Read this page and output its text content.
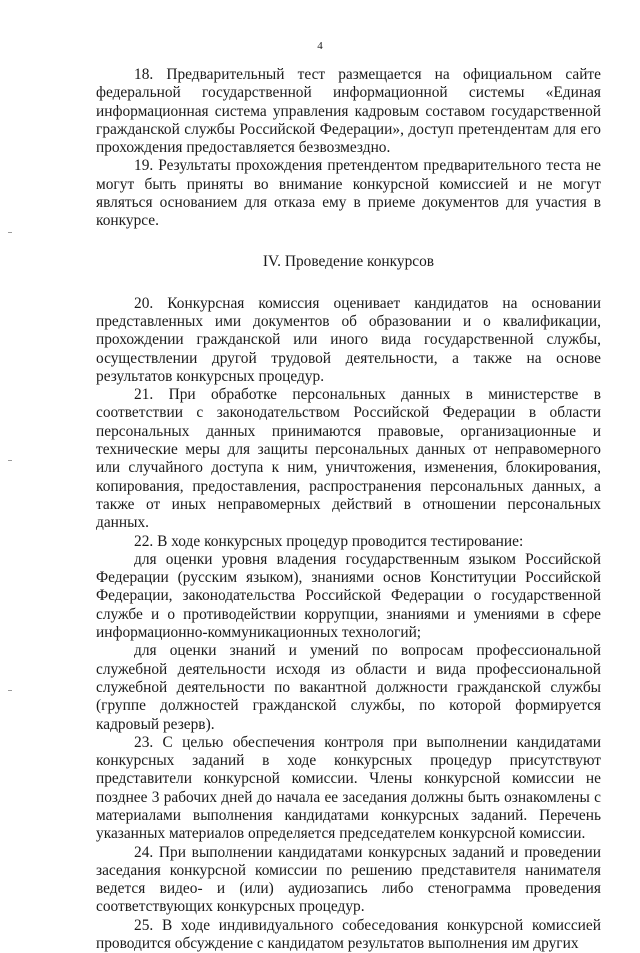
4

18. Предварительный тест размещается на официальном сайте федеральной государственной информационной системы «Единая информационная система управления кадровым составом государственной гражданской службы Российской Федерации», доступ претендентам для его прохождения предоставляется безвозмездно.

19. Результаты прохождения претендентом предварительного теста не могут быть приняты во внимание конкурсной комиссией и не могут являться основанием для отказа ему в приеме документов для участия в конкурсе.

IV. Проведение конкурсов

20. Конкурсная комиссия оценивает кандидатов на основании представленных ими документов об образовании и о квалификации, прохождении гражданской или иного вида государственной службы, осуществлении другой трудовой деятельности, а также на основе результатов конкурсных процедур.

21. При обработке персональных данных в министерстве в соответствии с законодательством Российской Федерации в области персональных данных принимаются правовые, организационные и технические меры для защиты персональных данных от неправомерного или случайного доступа к ним, уничтожения, изменения, блокирования, копирования, предоставления, распространения персональных данных, а также от иных неправомерных действий в отношении персональных данных.

22. В ходе конкурсных процедур проводится тестирование:

для оценки уровня владения государственным языком Российской Федерации (русским языком), знаниями основ Конституции Российской Федерации, законодательства Российской Федерации о государственной службе и о противодействии коррупции, знаниями и умениями в сфере информационно-коммуникационных технологий;

для оценки знаний и умений по вопросам профессиональной служебной деятельности исходя из области и вида профессиональной служебной деятельности по вакантной должности гражданской службы (группе должностей гражданской службы, по которой формируется кадровый резерв).

23. С целью обеспечения контроля при выполнении кандидатами конкурсных заданий в ходе конкурсных процедур присутствуют представители конкурсной комиссии. Члены конкурсной комиссии не позднее 3 рабочих дней до начала ее заседания должны быть ознакомлены с материалами выполнения кандидатами конкурсных заданий. Перечень указанных материалов определяется председателем конкурсной комиссии.

24. При выполнении кандидатами конкурсных заданий и проведении заседания конкурсной комиссии по решению представителя нанимателя ведется видео- и (или) аудиозапись либо стенограмма проведения соответствующих конкурсных процедур.

25. В ходе индивидуального собеседования конкурсной комиссией проводится обсуждение с кандидатом результатов выполнения им других
